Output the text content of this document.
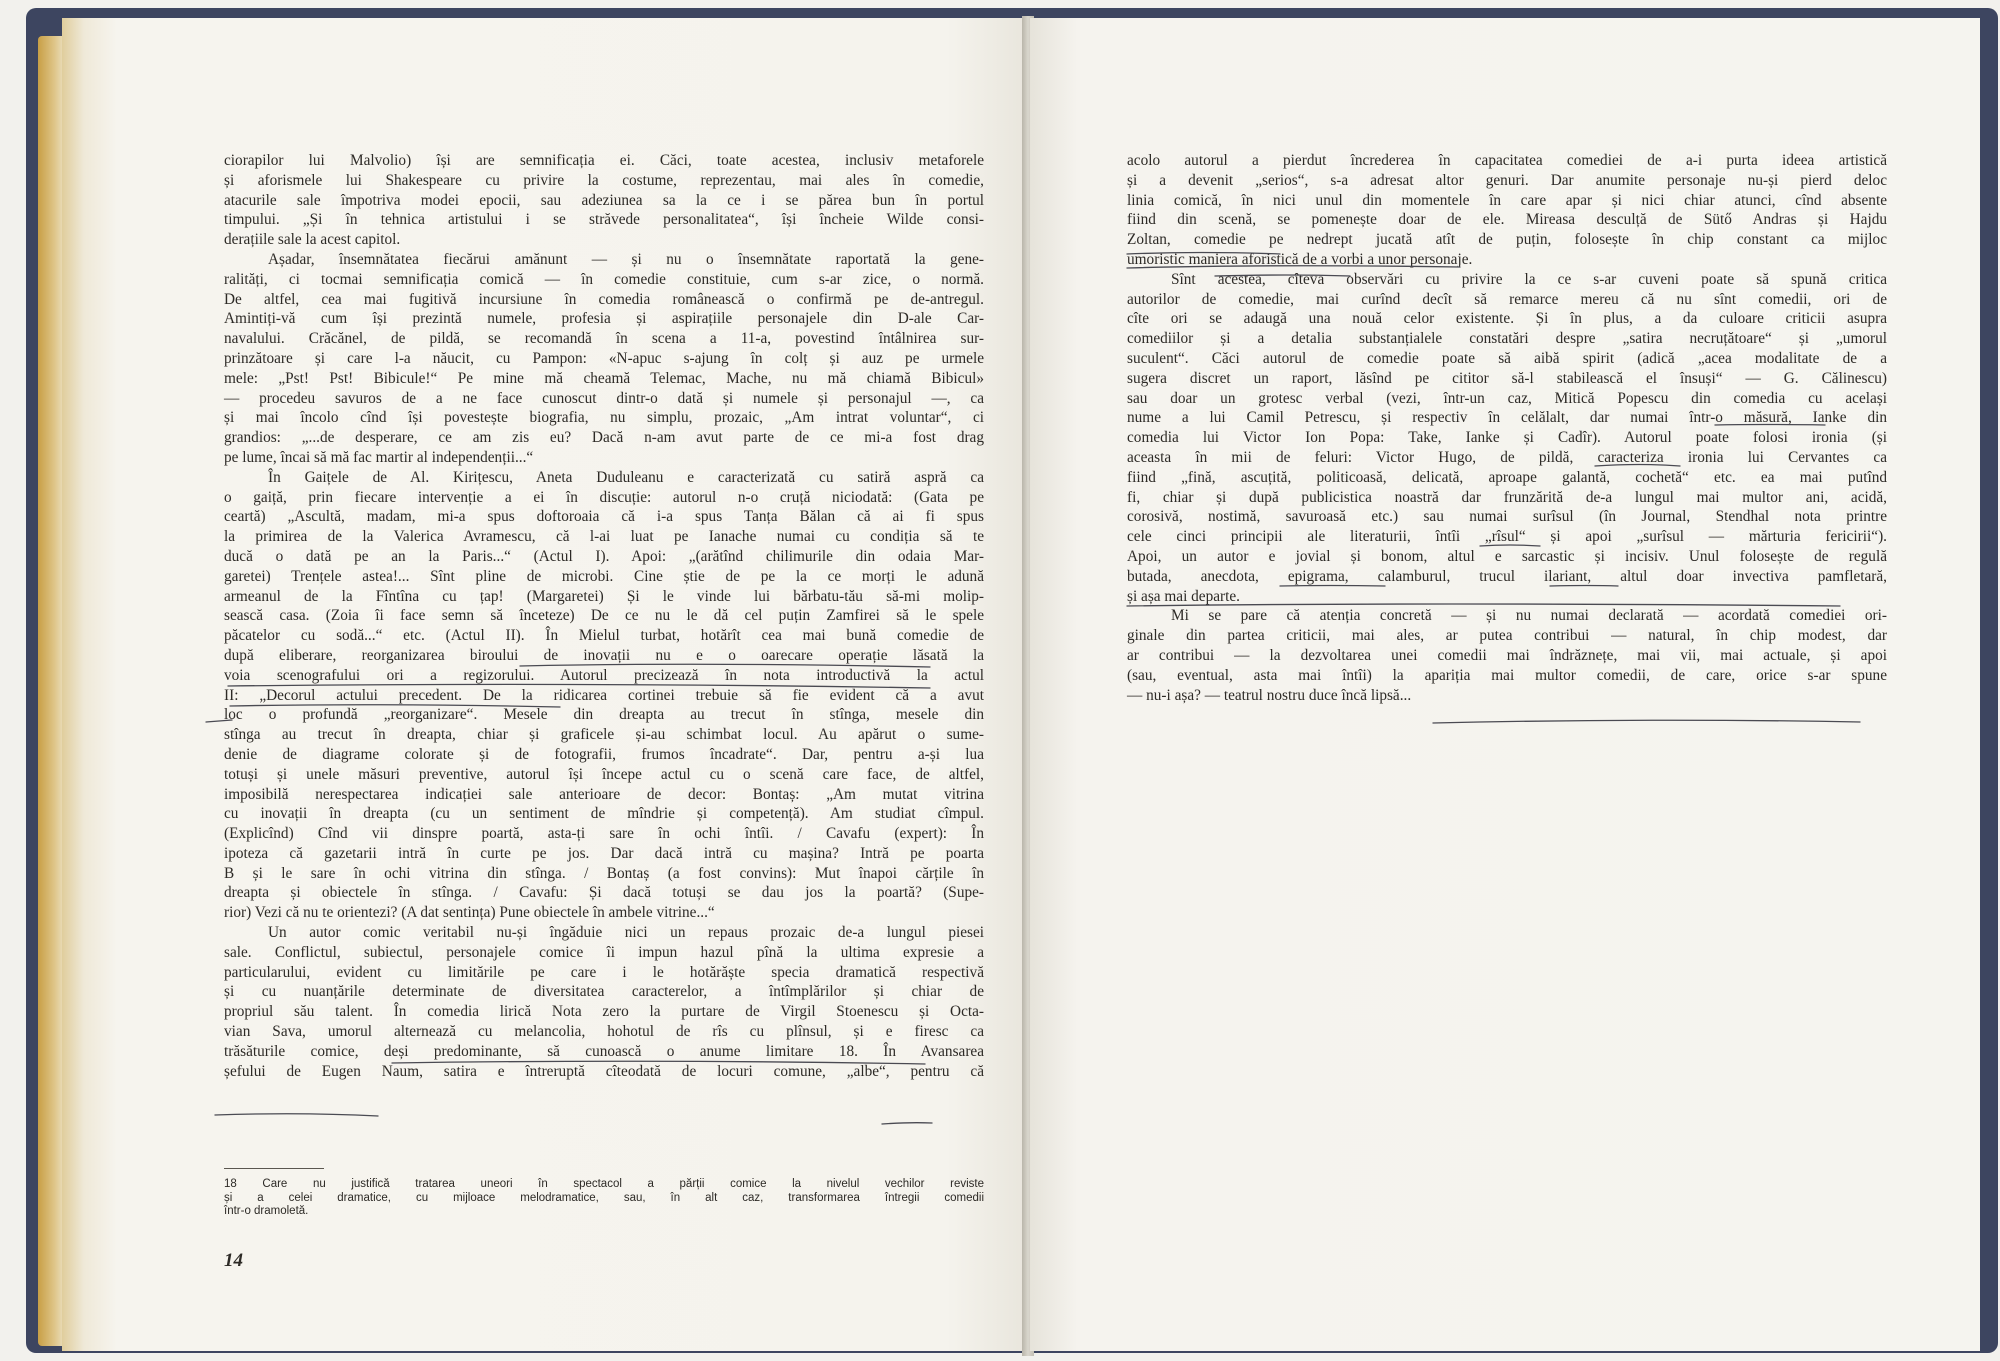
ciorapilor lui Malvolio) își are semnificația ei. Căci, toate acestea, inclusiv metaforele
și aforismele lui Shakespeare cu privire la costume, reprezentau, mai ales în comedie,
atacurile sale împotriva modei epocii, sau adeziunea sa la ce i se părea bun în portul
timpului. „Și în tehnica artistului i se străvede personalitatea“, își încheie Wilde consi-
derațiile sale la acest capitol.
Așadar, însemnătatea fiecărui amănunt — și nu o însemnătate raportată la gene-
ralități, ci tocmai semnificația comică — în comedie constituie, cum s-ar zice, o normă.
De altfel, cea mai fugitivă incursiune în comedia românească o confirmă pe de-antregul.
Amintiți-vă cum își prezintă numele, profesia și aspirațiile personajele din D-ale Car-
navalului. Crăcănel, de pildă, se recomandă în scena a 11-a, povestind întâlnirea sur-
prinzătoare și care l-a năucit, cu Pampon: «N-apuc s-ajung în colț și auz pe urmele
mele: „Pst! Pst! Bibicule!“ Pe mine mă cheamă Telemac, Mache, nu mă chiamă Bibicul»
— procedeu savuros de a ne face cunoscut dintr-o dată și numele și personajul —, ca
și mai încolo cînd își povestește biografia, nu simplu, prozaic, „Am intrat voluntar“, ci
grandios: „...de desperare, ce am zis eu? Dacă n-am avut parte de ce mi-a fost drag
pe lume, încai să mă fac martir al independenții...“
În Gaițele de Al. Kirițescu, Aneta Duduleanu e caracterizată cu satiră aspră ca
o gaiță, prin fiecare intervenție a ei în discuție: autorul n-o cruță niciodată: (Gata pe
ceartă) „Ascultă, madam, mi-a spus doftoroaia că i-a spus Tanța Bălan că ai fi spus
la primirea de la Valerica Avramescu, că l-ai luat pe Ianache numai cu condiția să te
ducă o dată pe an la Paris...“ (Actul I). Apoi: „(arătînd chilimurile din odaia Mar-
garetei) Trențele astea!... Sînt pline de microbi. Cine știe de pe la ce morți le adună
armeanul de la Fîntîna cu țap! (Margaretei) Și le vinde lui bărbatu-tău să-mi molip-
sească casa. (Zoia îi face semn să înceteze) De ce nu le dă cel puțin Zamfirei să le spele
păcatelor cu sodă...“ etc. (Actul II). În Mielul turbat, hotărît cea mai bună comedie de
după eliberare, reorganizarea biroului de inovații nu e o oarecare operație lăsată la
voia scenografului ori a regizorului. Autorul precizează în nota introductivă la actul
II: „Decorul actului precedent. De la ridicarea cortinei trebuie să fie evident că a avut
loc o profundă „reorganizare“. Mesele din dreapta au trecut în stînga, mesele din
stînga au trecut în dreapta, chiar și graficele și-au schimbat locul. Au apărut o sume-
denie de diagrame colorate și de fotografii, frumos încadrate“. Dar, pentru a-și lua
totuși și unele măsuri preventive, autorul își începe actul cu o scenă care face, de altfel,
imposibilă nerespectarea indicației sale anterioare de decor: Bontaș: „Am mutat vitrina
cu inovații în dreapta (cu un sentiment de mîndrie și competență). Am studiat cîmpul.
(Explicînd) Cînd vii dinspre poartă, asta-ți sare în ochi întîi. / Cavafu (expert): În
ipoteza că gazetarii intră în curte pe jos. Dar dacă intră cu mașina? Intră pe poarta
B și le sare în ochi vitrina din stînga. / Bontaș (a fost convins): Mut înapoi cărțile în
dreapta și obiectele în stînga. / Cavafu: Și dacă totuși se dau jos la poartă? (Supe-
rior) Vezi că nu te orientezi? (A dat sentința) Pune obiectele în ambele vitrine...“
Un autor comic veritabil nu-și îngăduie nici un repaus prozaic de-a lungul piesei
sale. Conflictul, subiectul, personajele comice îi impun hazul pînă la ultima expresie a
particularului, evident cu limitările pe care i le hotărăște specia dramatică respectivă
și cu nuanțările determinate de diversitatea caracterelor, a întîmplărilor și chiar de
propriul său talent. În comedia lirică Nota zero la purtare de Virgil Stoenescu și Octa-
vian Sava, umorul alternează cu melancolia, hohotul de rîs cu plînsul, și e firesc ca
trăsăturile comice, deși predominante, să cunoască o anume limitare 18. În Avansarea
șefului de Eugen Naum, satira e întreruptă cîteodată de locuri comune, „albe“, pentru că
18 Care nu justifică tratarea uneori în spectacol a părții comice la nivelul vechilor reviste
și a celei dramatice, cu mijloace melodramatice, sau, în alt caz, transformarea întregii comedii
într-o dramoletă.
14
acolo autorul a pierdut încrederea în capacitatea comediei de a-i purta ideea artistică
și a devenit „serios“, s-a adresat altor genuri. Dar anumite personaje nu-și pierd deloc
linia comică, în nici unul din momentele în care apar și nici chiar atunci, cînd absente
fiind din scenă, se pomenește doar de ele. Mireasa desculță de Sütő Andras și Hajdu
Zoltan, comedie pe nedrept jucată atît de puțin, folosește în chip constant ca mijloc
umoristic maniera aforistică de a vorbi a unor personaje.
Sînt acestea, cîteva observări cu privire la ce s-ar cuveni poate să spună critica
autorilor de comedie, mai curînd decît să remarce mereu că nu sînt comedii, ori de
cîte ori se adaugă una nouă celor existente. Și în plus, a da culoare criticii asupra
comediilor și a detalia substanțialele constatări despre „satira necruțătoare“ și „umorul
suculent“. Căci autorul de comedie poate să aibă spirit (adică „acea modalitate de a
sugera discret un raport, lăsînd pe cititor să-l stabilească el însuși“ — G. Călinescu)
sau doar un grotesc verbal (vezi, într-un caz, Mitică Popescu din comedia cu același
nume a lui Camil Petrescu, și respectiv în celălalt, dar numai într-o măsură, Ianke din
comedia lui Victor Ion Popa: Take, Ianke și Cadîr). Autorul poate folosi ironia (și
aceasta în mii de feluri: Victor Hugo, de pildă, caracteriza ironia lui Cervantes ca
fiind „fină, ascuțită, politicoasă, delicată, aproape galantă, cochetă“ etc. ea mai putînd
fi, chiar și după publicistica noastră dar frunzărită de-a lungul mai multor ani, acidă,
corosivă, nostimă, savuroasă etc.) sau numai surîsul (în Journal, Stendhal nota printre
cele cinci principii ale literaturii, întîi „rîsul“ și apoi „surîsul — mărturia fericirii“).
Apoi, un autor e jovial și bonom, altul e sarcastic și incisiv. Unul folosește de regulă
butada, anecdota, epigrama, calamburul, trucul ilariant, altul doar invectiva pamfletară,
și așa mai departe.
Mi se pare că atenția concretă — și nu numai declarată — acordată comediei ori-
ginale din partea criticii, mai ales, ar putea contribui — natural, în chip modest, dar
ar contribui — la dezvoltarea unei comedii mai îndrăznețe, mai vii, mai actuale, și apoi
(sau, eventual, asta mai întîi) la apariția mai multor comedii, de care, orice s-ar spune
— nu-i așa? — teatrul nostru duce încă lipsă...
